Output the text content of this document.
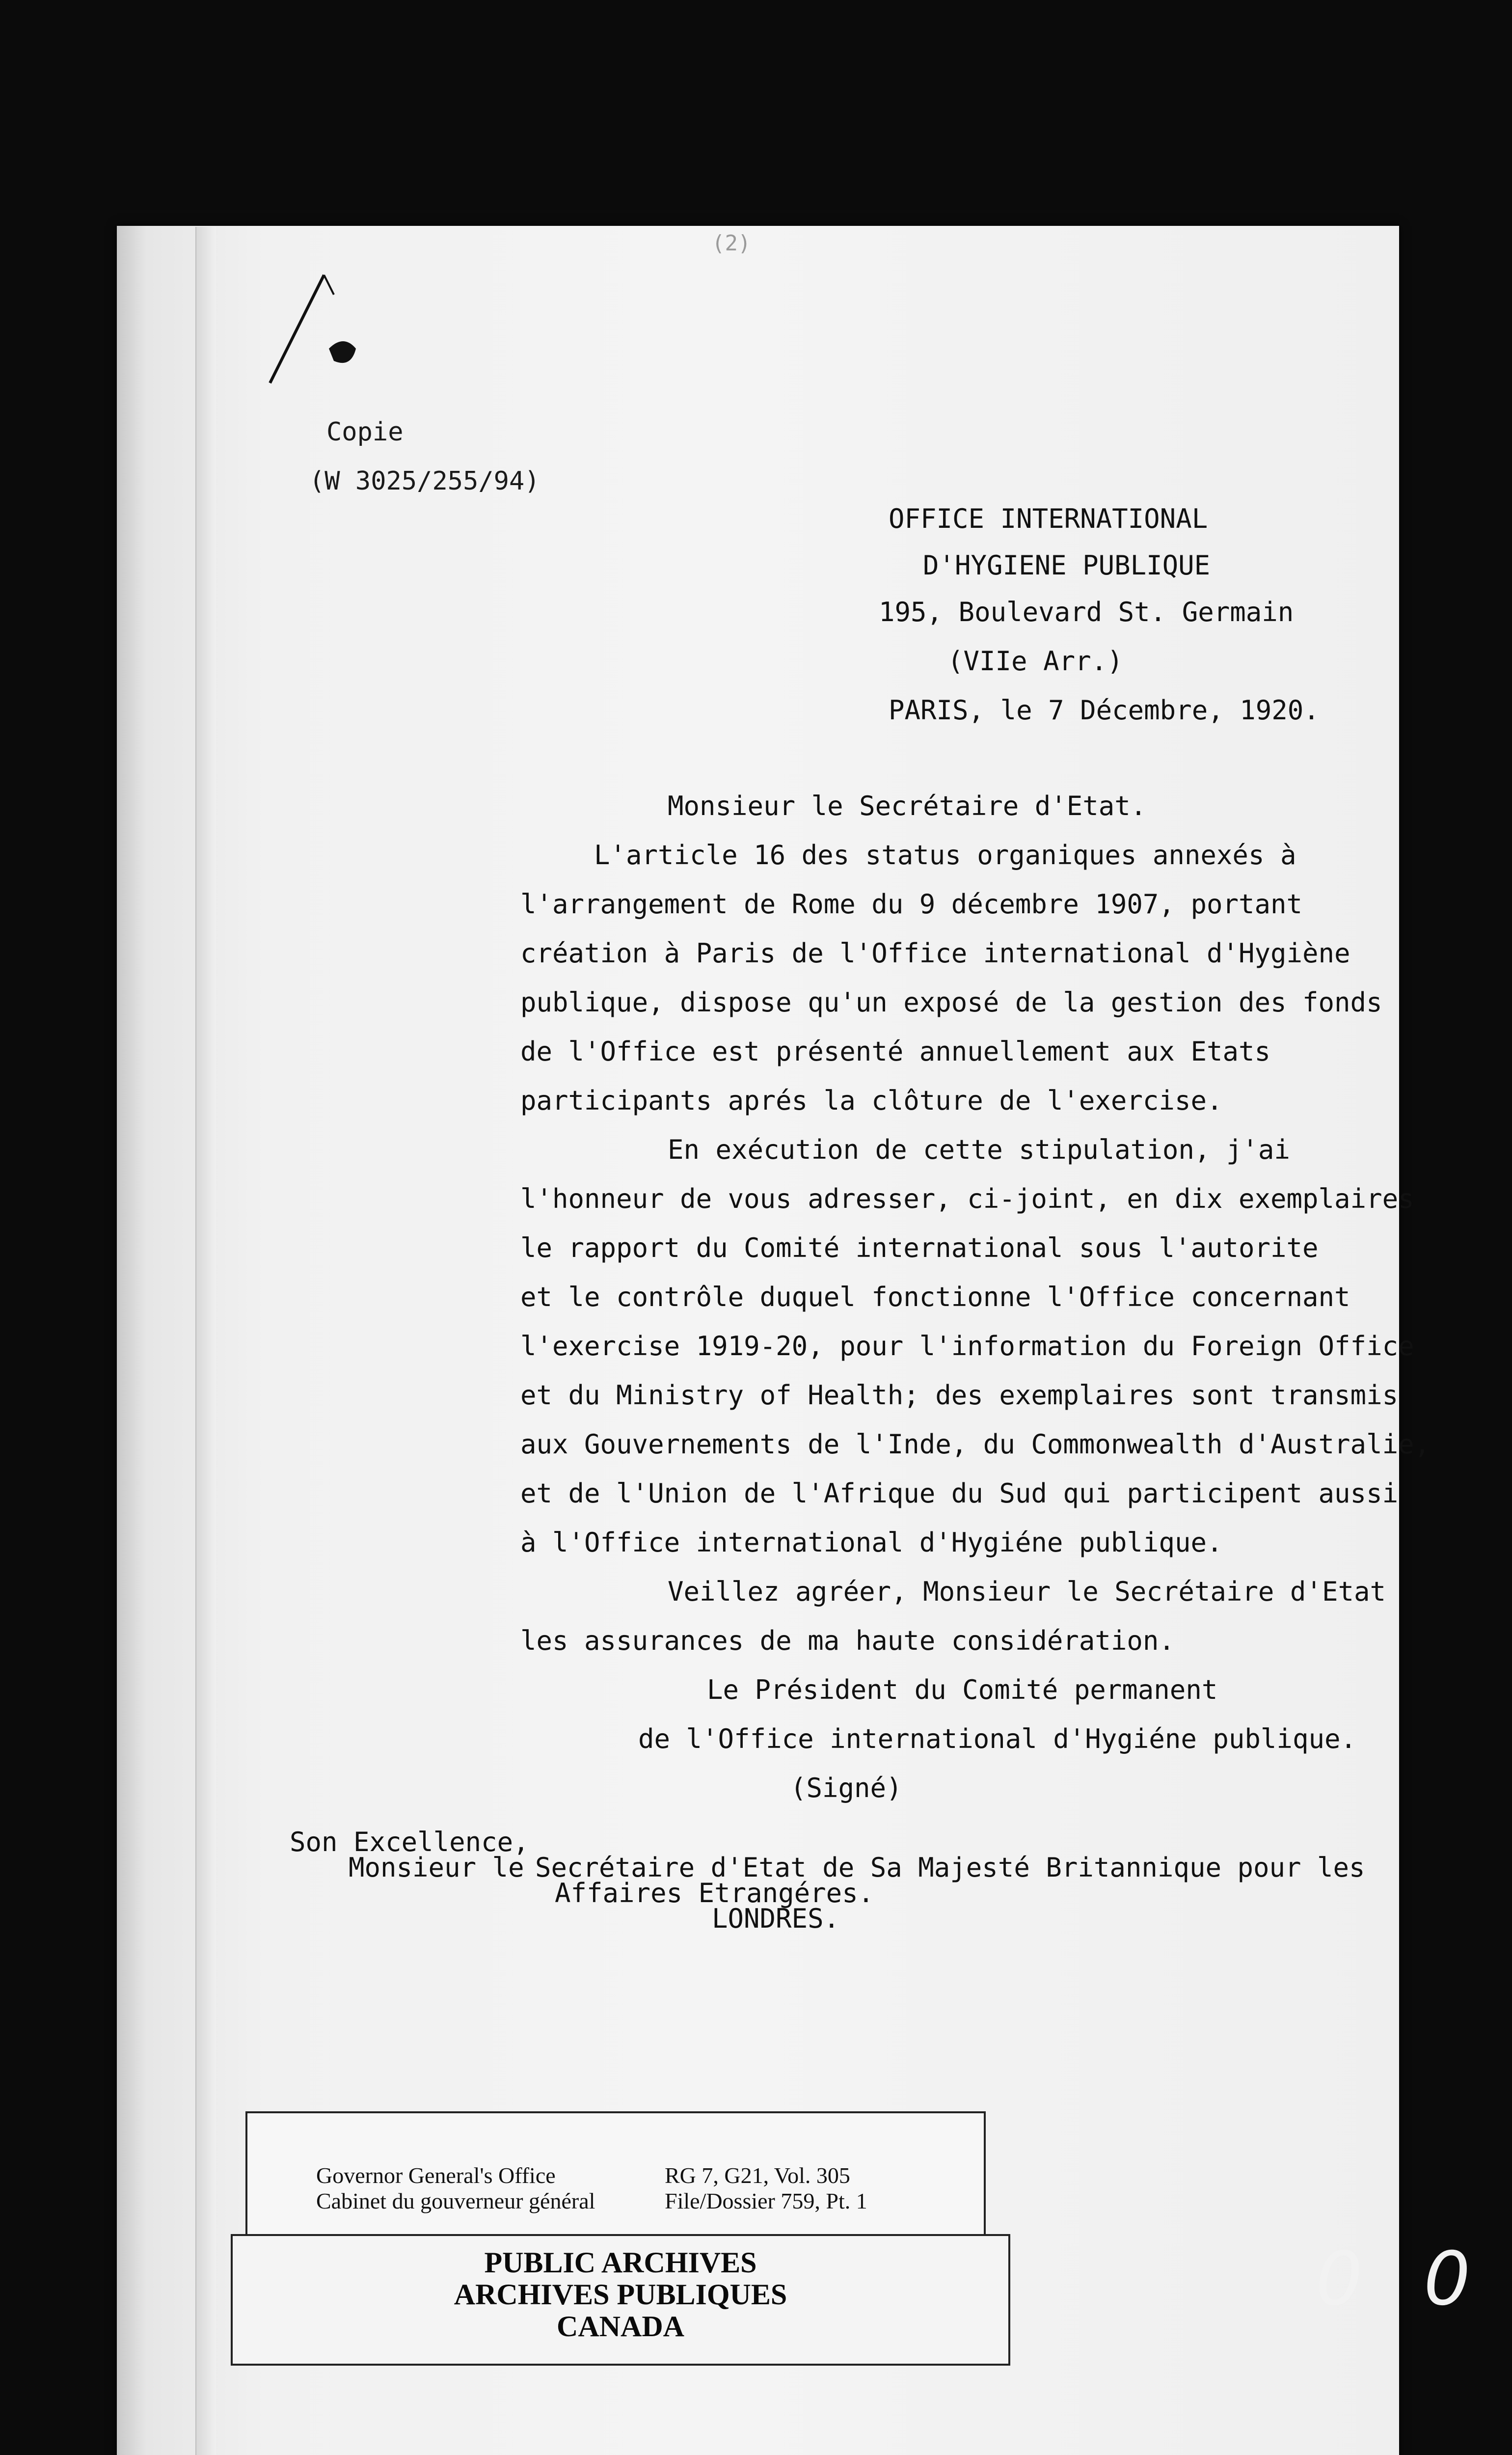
(2)
Copie
(W 3025/255/94)
OFFICE INTERNATIONAL
D'HYGIENE PUBLIQUE
195, Boulevard St. Germain
(VIIe Arr.)
PARIS, le 7 Décembre, 1920.
Monsieur le Secrétaire d'Etat.
L'article 16 des status organiques annexés à
l'arrangement de Rome du 9 décembre 1907, portant
création à Paris de l'Office international d'Hygiène
publique, dispose qu'un exposé de la gestion des fonds
de l'Office est présenté annuellement aux Etats
participants aprés la clôture de l'exercise.
En exécution de cette stipulation, j'ai
l'honneur de vous adresser, ci-joint, en dix exemplaires
le rapport du Comité international sous l'autorite
et le contrôle duquel fonctionne l'Office concernant
l'exercise 1919-20, pour l'information du Foreign Office
et du Ministry of Health; des exemplaires sont transmis
aux Gouvernements de l'Inde, du Commonwealth d'Australie,
et de l'Union de l'Afrique du Sud qui participent aussi
à l'Office international d'Hygiéne publique.
Veillez agréer, Monsieur le Secrétaire d'Etat
les assurances de ma haute considération.
Le Président du Comité permanent
de l'Office international d'Hygiéne publique.
(Signé)
Son Excellence,
Monsieur le Secrétaire d'Etat de Sa Majesté Britannique pour les
Affaires Etrangéres.
LONDRES.
Governor General's Office
Cabinet du gouverneur général
RG 7, G21, Vol. 305
File/Dossier 759, Pt. 1
PUBLIC ARCHIVES
ARCHIVES PUBLIQUES
CANADA
0 0
